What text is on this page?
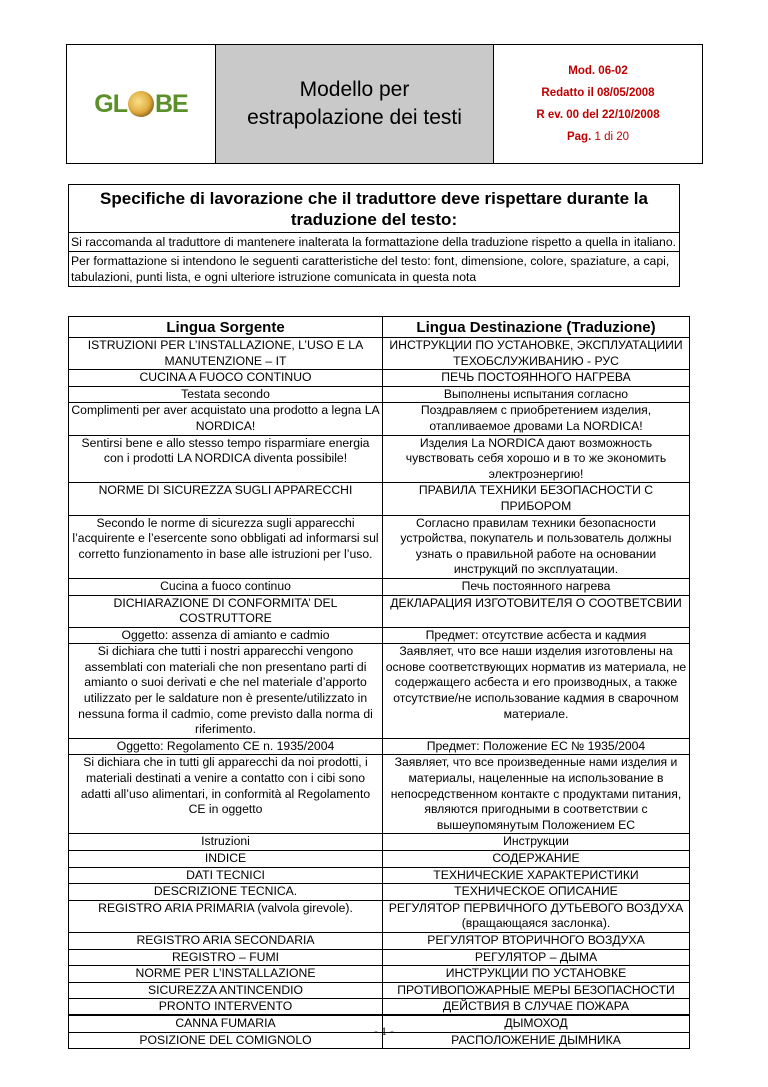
GL BE	Modello per
estrapolazione dei testi
Mod. 06-02
Redatto il 08/05/2008
R ev. 00 del 22/10/2008
Pag. 1 di 20
Specifiche di lavorazione che il traduttore deve rispettare durante la traduzione del testo:
Si raccomanda al traduttore di mantenere inalterata la formattazione della traduzione rispetto a quella in italiano.
Per formattazione si intendono le seguenti caratteristiche del testo: font, dimensione, colore, spaziature, a capi, tabulazioni, punti lista, e ogni ulteriore istruzione comunicata in questa nota
Lingua Sorgente	Lingua Destinazione (Traduzione)
ISTRUZIONI PER L’INSTALLAZIONE, L’USO E LA MANUTENZIONE – IT	ИНСТРУКЦИИ ПО УСТАНОВКЕ, ЭКСПЛУАТАЦИИИ ТЕХОБСЛУЖИВАНИЮ - РУС
CUCINA A FUOCO CONTINUO	ПЕЧЬ ПОСТОЯННОГО НАГРЕВА
Testata secondo	Выполнены испытания согласно
Complimenti per aver acquistato una prodotto a legna LA NORDICA!	Поздравляем с приобретением изделия, отапливаемое дровами La NORDICA!
Sentirsi bene e allo stesso tempo risparmiare energia con i prodotti LA NORDICA diventa possibile!	Изделия La NORDICA дают возможность чувствовать себя хорошо и в то же экономить электроэнергию!
NORME DI SICUREZZA SUGLI APPARECCHI	ПРАВИЛА ТЕХНИКИ БЕЗОПАСНОСТИ С ПРИБОРОМ
Secondo le norme di sicurezza sugli apparecchi l’acquirente e l’esercente sono obbligati ad informarsi sul corretto funzionamento in base alle istruzioni per l’uso.	Согласно правилам техники безопасности устройства, покупатель и пользователь должны узнать о правильной работе на основании инструкций по эксплуатации.
Cucina a fuoco continuo	Печь постоянного нагрева
DICHIARAZIONE DI CONFORMITA’ DEL COSTRUTTORE	ДЕКЛАРАЦИЯ ИЗГОТОВИТЕЛЯ О СООТВЕТСВИИ
Oggetto: assenza di amianto e cadmio	Предмет: отсутствие асбеста и кадмия
Si dichiara che tutti i nostri apparecchi vengono assemblati con materiali che non presentano parti di amianto o suoi derivati e che nel materiale d’apporto utilizzato per le saldature non è presente/utilizzato in nessuna forma il cadmio, come previsto dalla norma di riferimento.	Заявляет, что все наши изделия изготовлены на основе соответствующих норматив из материала, не содержащего асбеста и его производных, а также отсутствие/не использование кадмия в сварочном материале.
Oggetto: Regolamento CE n. 1935/2004	Предмет: Положение ЕС № 1935/2004
Si dichiara che in tutti gli apparecchi da noi prodotti, i materiali destinati a venire a contatto con i cibi sono adatti all’uso alimentari, in conformità al Regolamento CE in oggetto	Заявляет, что все произведенные нами изделия и материалы, нацеленные на использование в непосредственном контакте с продуктами питания, являются пригодными в соответствии с вышеупомянутым Положением ЕС
Istruzioni	Инструкции
INDICE	СОДЕРЖАНИЕ
DATI TECNICI	ТЕХНИЧЕСКИЕ ХАРАКТЕРИСТИКИ
DESCRIZIONE TECNICA.	ТЕХНИЧЕСКОЕ ОПИСАНИЕ
REGISTRO ARIA PRIMARIA (valvola girevole).	РЕГУЛЯТОР ПЕРВИЧНОГО ДУТЬЕВОГО ВОЗДУХА (вращающаяся заслонка).
REGISTRO ARIA SECONDARIA	РЕГУЛЯТОР ВТОРИЧНОГО ВОЗДУХА
REGISTRO – FUMI	РЕГУЛЯТОР – ДЫМА
NORME PER L’INSTALLAZIONE	ИНСТРУКЦИИ ПО УСТАНОВКЕ
SICUREZZA ANTINCENDIO	ПРОТИВОПОЖАРНЫЕ МЕРЫ БЕЗОПАСНОСТИ
PRONTO INTERVENTO	ДЕЙСТВИЯ В СЛУЧАЕ ПОЖАРА
CANNA FUMARIA	ДЫМОХОД
POSIZIONE DEL COMIGNOLO	РАСПОЛОЖЕНИЕ ДЫМНИКА
- 1 -
